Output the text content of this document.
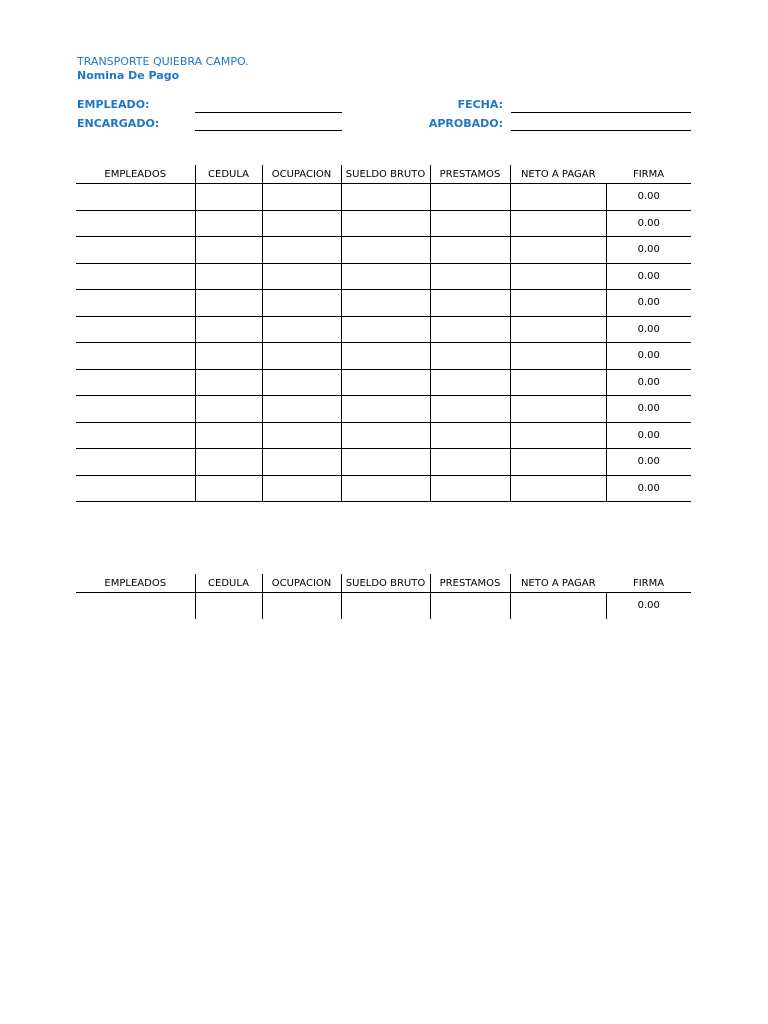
TRANSPORTE QUIEBRA CAMPO.
Nomina De Pago
EMPLEADO:
ENCARGADO:
FECHA:
APROBADO:
EMPLEADOS	CEDULA	OCUPACION	SUELDO BRUTO	PRESTAMOS	NETO A PAGAR	FIRMA
						0.00
						0.00
						0.00
						0.00
						0.00
						0.00
						0.00
						0.00
						0.00
						0.00
						0.00
						0.00
EMPLEADOS	CEDULA	OCUPACION	SUELDO BRUTO	PRESTAMOS	NETO A PAGAR	FIRMA
						0.00
